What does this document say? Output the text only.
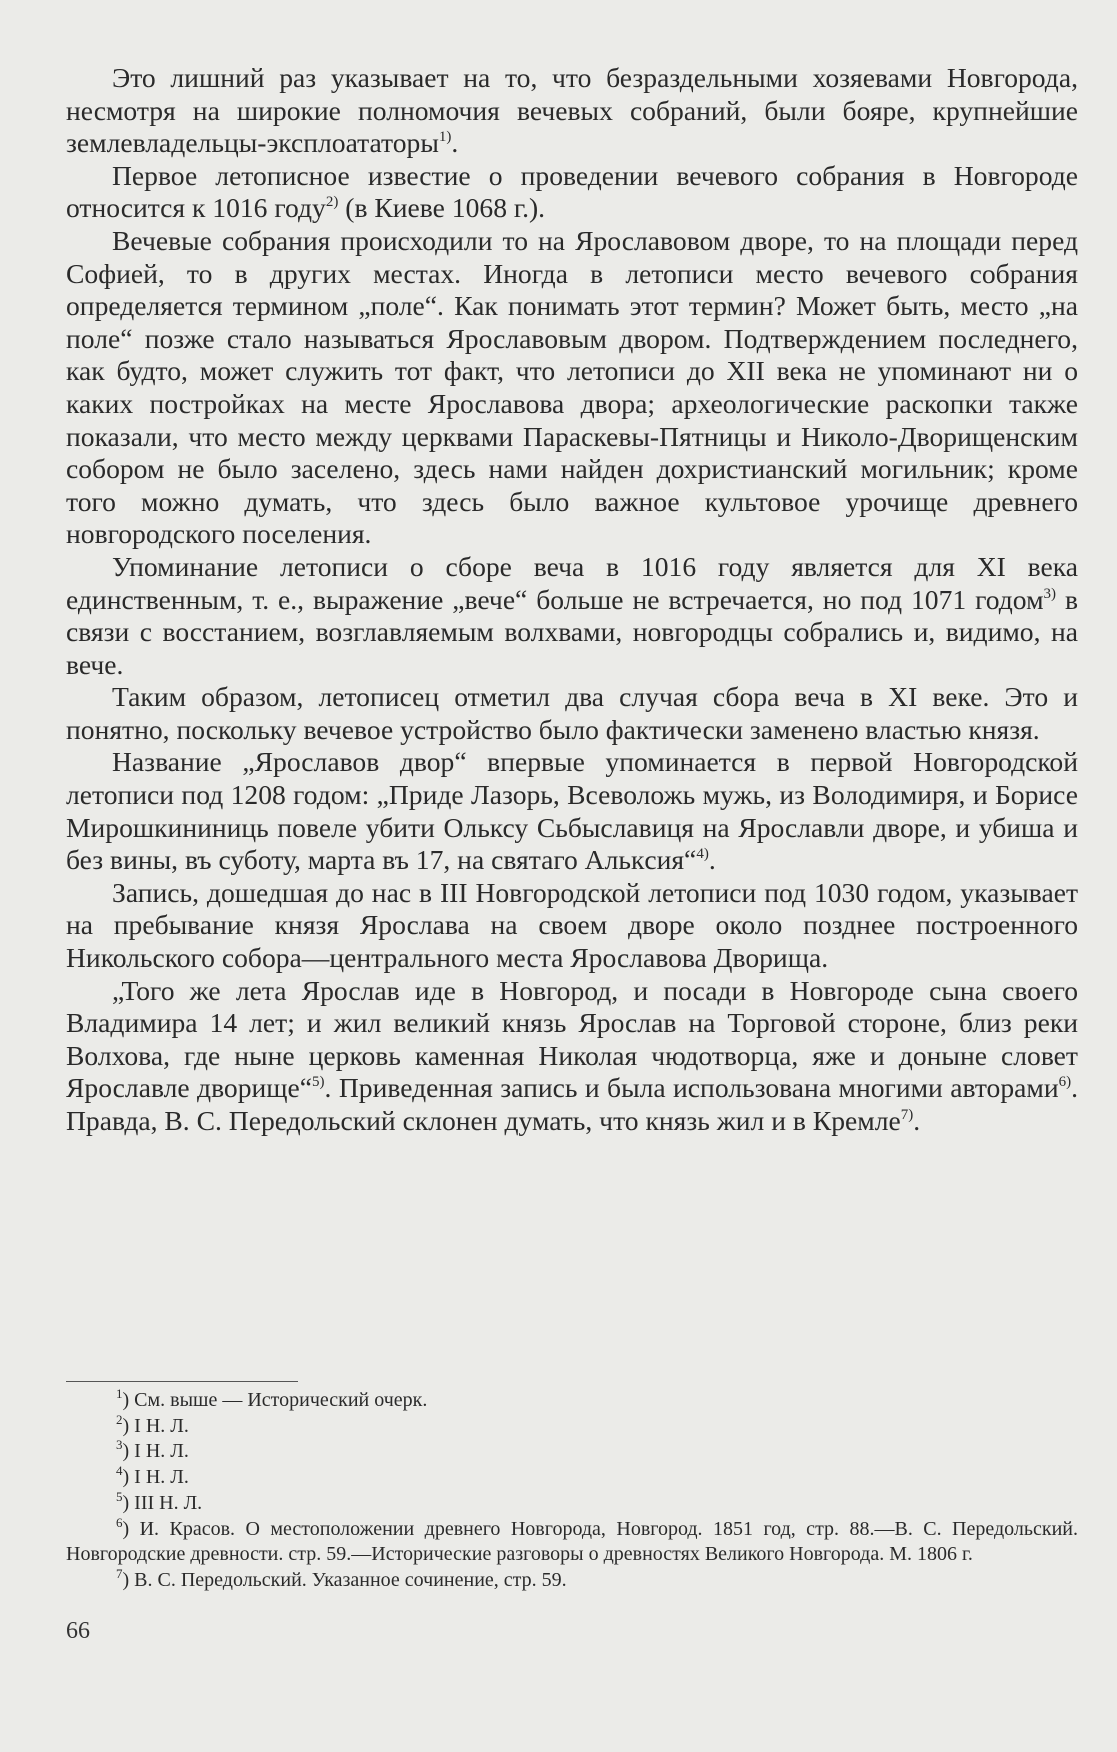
Это лишний раз указывает на то, что безраздельными хозяевами Новгорода, несмотря на широкие полномочия вечевых собраний, были бояре, крупнейшие землевладельцы-эксплоататоры$^{1)}$.

Первое летописное известие о проведении вечевого собрания в Новгороде относится к 1016 году$^{2)}$ (в Киеве 1068 г.).

Вечевые собрания происходили то на Ярославовом дворе, то на площади перед Софией, то в других местах. Иногда в летописи место вечевого собрания определяется термином „поле“. Как понимать этот термин? Может быть, место „на поле“ позже стало называться Ярославовым двором. Подтверждением последнего, как будто, может служить тот факт, что летописи до XII века не упоминают ни о каких постройках на месте Ярославова двора; археологические раскопки также показали, что место между церквами Параскевы-Пятницы и Николо-Дворищенским собором не было заселено, здесь нами найден дохристианский могильник; кроме того можно думать, что здесь было важное культовое урочище древнего новгородского поселения.

Упоминание летописи о сборе веча в 1016 году является для XI века единственным, т. е., выражение „вече“ больше не встречается, но под 1071 годом$^{3)}$ в связи с восстанием, возглавляемым волхвами, новгородцы собрались и, видимо, на вече.

Таким образом, летописец отметил два случая сбора веча в XI веке. Это и понятно, поскольку вечевое устройство было фактически заменено властью князя.

Название „Ярославов двор“ впервые упоминается в первой Новгородской летописи под 1208 годом: „Приде Лазорь, Всеволожь мужь, из Володимиря, и Борисе Мирошкининиць повеле убити Ольксу Сьбыславиця на Ярославли дворе, и убиша и без вины, въ суботу, марта въ 17, на святаго Алькcия“$^{4)}$.

Запись, дошедшая до нас в III Новгородской летописи под 1030 годом, указывает на пребывание князя Ярослава на своем дворе около позднее построенного Никольского собора—центрального места Ярославова Дворища.

„Того же лета Ярослав иде в Новгород, и посади в Новгороде сына своего Владимира 14 лет; и жил великий князь Ярослав на Торговой стороне, близ реки Волхова, где ныне церковь каменная Николая чюдотворца, яже и доныне словет Ярославле дворище“$^{5)}$. Приведенная запись и была использована многими авторами$^{6)}$. Правда, В. С. Передольский склонен думать, что князь жил и в Кремле$^{7)}$.

$^1$) См. выше — Исторический очерк.

$^2$) I Н. Л.

$^3$) I Н. Л.

$^4$) I Н. Л.

$^5$) III Н. Л.

$^6$) И. Красов. О местоположении древнего Новгорода, Новгород. 1851 год, стр. 88.—В. С. Передольский. Новгородские древности. стр. 59.—Исторические разговоры о древностях Великого Новгорода. М. 1806 г.

$^7$) В. С. Передольский. Указанное сочинение, стр. 59.

66
